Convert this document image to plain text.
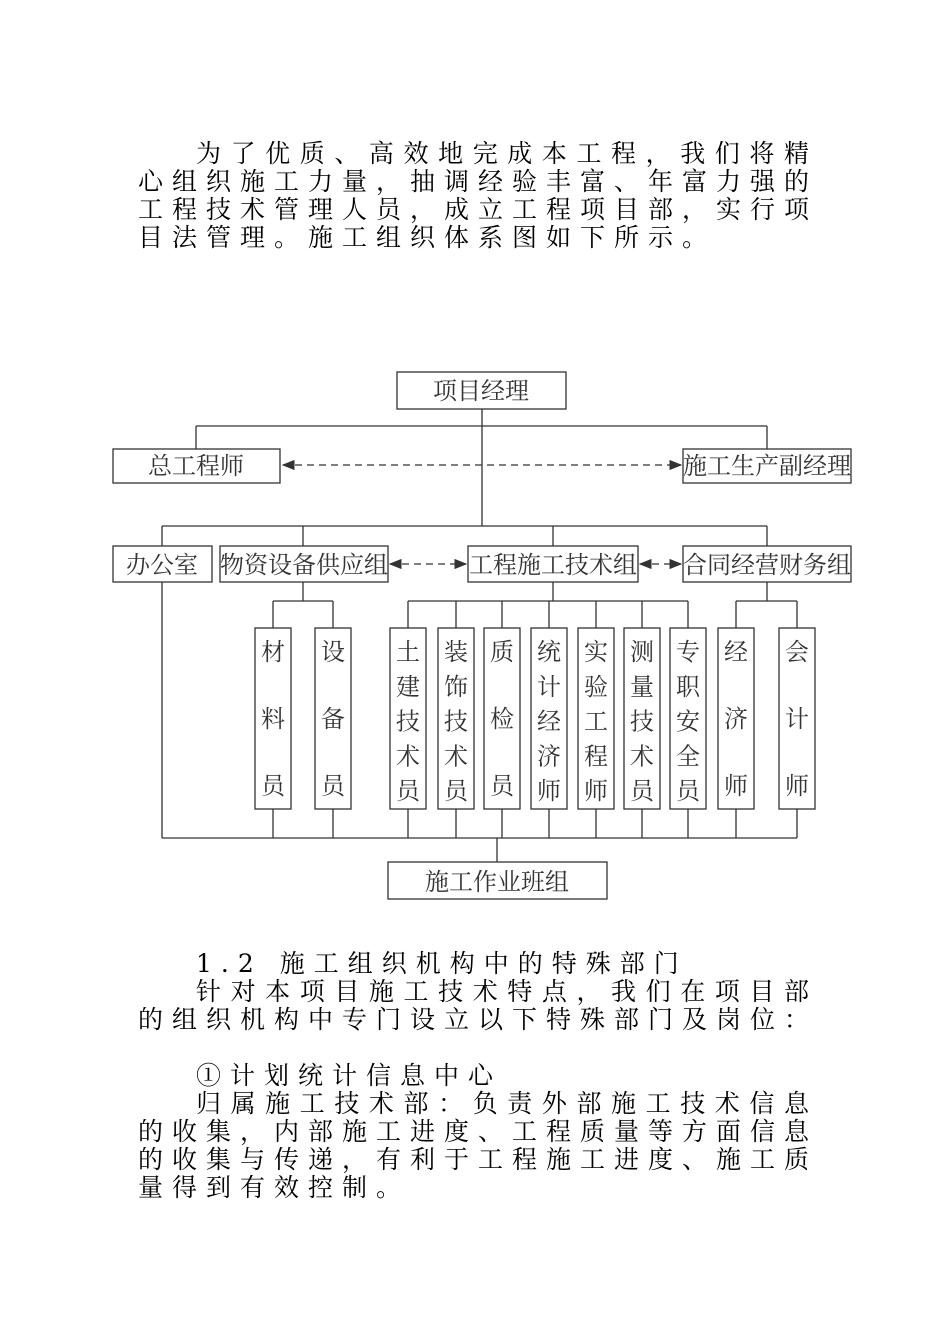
为了优质、高效地完成本工程，我们将精心组织施工力量，抽调经验丰富、年富力强的工程技术管理人员，成立工程项目部，实行项目法管理。施工组织体系图如下所示。

项目经理
总工程师	施工生产副经理
办公室 物资设备供应组	工程施工技术组 合同经营财务组
施工作业班组
材料员
设备员
土建技术员
装饰技术员
质检员
统计经济师
实验工程师
测量技术员
专职安全员
经济师
会计师

1.2 施工组织机构中的特殊部门

针对本项目施工技术特点，我们在项目部的组织机构中专门设立以下特殊部门及岗位：

①计划统计信息中心

归属施工技术部：负责外部施工技术信息的收集，内部施工进度、工程质量等方面信息的收集与传递，有利于工程施工进度、施工质量得到有效控制。
